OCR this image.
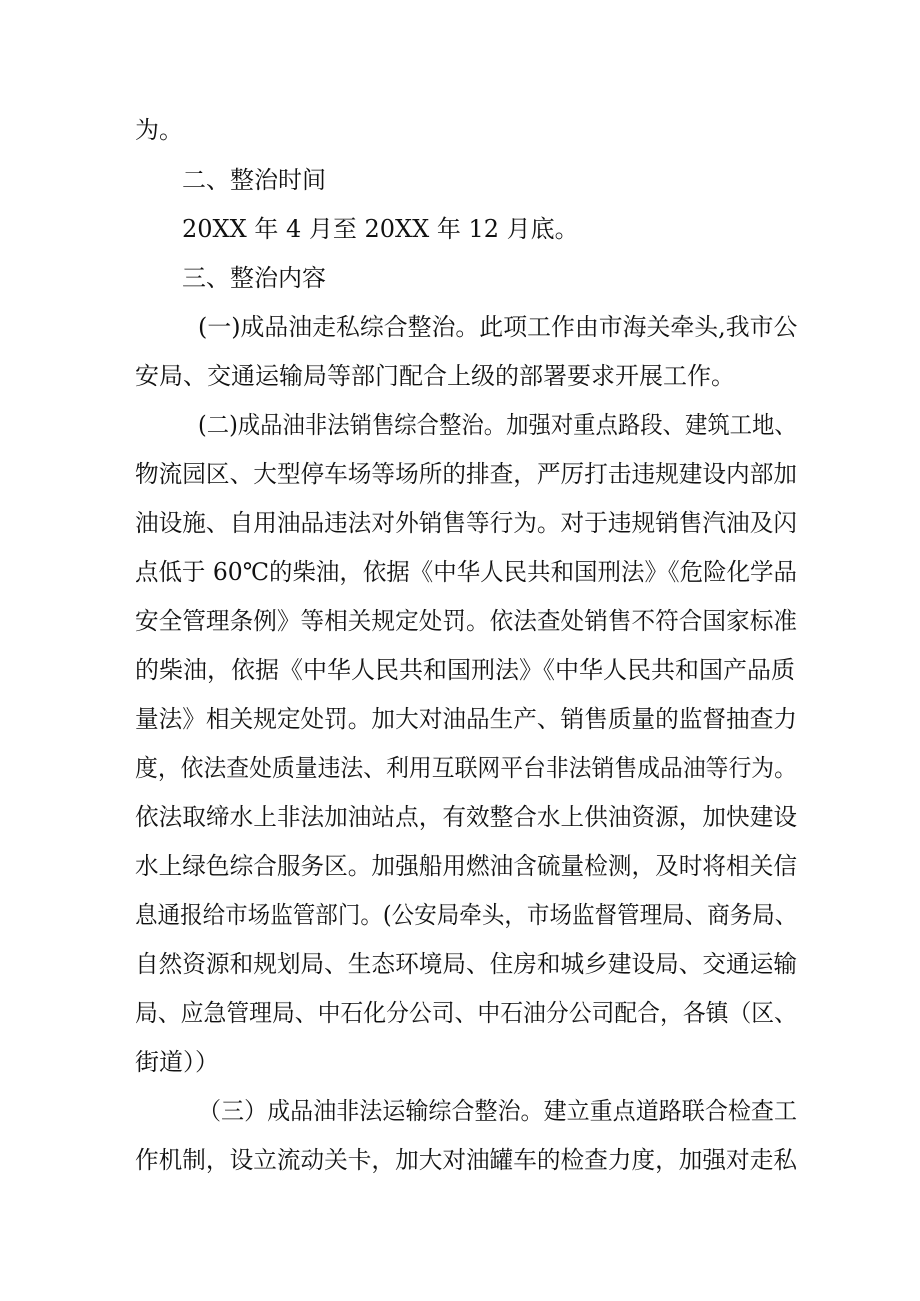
为。
二、整治时间
20XX 年 4 月至 20XX 年 12 月底。
三、整治内容
(一)成品油走私综合整治。此项工作由市海关牵头,我市公
安局、交通运输局等部门配合上级的部署要求开展工作。
(二)成品油非法销售综合整治。加强对重点路段、建筑工地、
物流园区、大型停车场等场所的排查，严厉打击违规建设内部加
油设施、自用油品违法对外销售等行为。对于违规销售汽油及闪
点低于 60℃的柴油，依据《中华人民共和国刑法》《危险化学品
安全管理条例》等相关规定处罚。依法查处销售不符合国家标准
的柴油，依据《中华人民共和国刑法》《中华人民共和国产品质
量法》相关规定处罚。加大对油品生产、销售质量的监督抽查力
度，依法查处质量违法、利用互联网平台非法销售成品油等行为。
依法取缔水上非法加油站点，有效整合水上供油资源，加快建设
水上绿色综合服务区。加强船用燃油含硫量检测，及时将相关信
息通报给市场监管部门。(公安局牵头，市场监督管理局、商务局、
自然资源和规划局、生态环境局、住房和城乡建设局、交通运输
局、应急管理局、中石化分公司、中石油分公司配合，各镇（区、
街道））
（三）成品油非法运输综合整治。建立重点道路联合检查工
作机制，设立流动关卡，加大对油罐车的检查力度，加强对走私
